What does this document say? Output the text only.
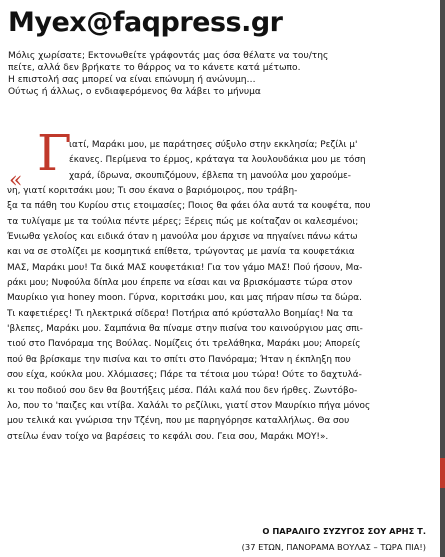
Myex@faqpress.gr
Μόλις χωρίσατε; Εκτονωθείτε γράφοντάς μας όσα θέλατε να του/της
πείτε, αλλά δεν βρήκατε το θάρρος να το κάνετε κατά μέτωπο.
Η επιστολή σας μπορεί να είναι επώνυμη ή ανώνυμη…
Ούτως ή άλλως, ο ενδιαφερόμενος θα λάβει το μήνυμα
« Γ
ιατί, Μαράκι μου, με παράτησες σύξυλο στην εκκλησία; Ρεζίλι μ'
έκανες. Περίμενα το έρμος, κράταγα τα λουλουδάκια μου με τόση
χαρά, ίδρωνα, σκουπιζόμουν, έβλεπα τη μανούλα μου χαρούμε-
νη, γιατί κοριτσάκι μου; Τι σου έκανα ο βαριόμοιρος, που τράβη-
ξα τα πάθη του Κυρίου στις ετοιμασίες; Ποιος θα φάει όλα αυτά τα κουφέτα, που
τα τυλίγαμε με τα τούλια πέντε μέρες; Ξέρεις πώς με κοίταζαν οι καλεσμένοι;
Ένιωθα γελοίος και ειδικά όταν η μανούλα μου άρχισε να πηγαίνει πάνω κάτω
και να σε στολίζει με κοσμητικά επίθετα, τρώγοντας με μανία τα κουφετάκια
ΜΑΣ, Μαράκι μου! Τα δικά ΜΑΣ κουφετάκια! Για τον γάμο ΜΑΣ! Πού ήσουν, Μα-
ράκι μου; Νυφούλα δίπλα μου έπρεπε να είσαι και να βρισκόμαστε τώρα στον
Μαυρίκιο για honey moon. Γύρνα, κοριτσάκι μου, και μας πήραν πίσω τα δώρα.
Τι καφετιέρες! Τι ηλεκτρικά σίδερα! Ποτήρια από κρύσταλλο Βοημίας! Να τα
'βλεπες, Μαράκι μου. Σαμπάνια θα πίναμε στην πισίνα του καινούργιου μας σπι-
τιού στο Πανόραμα της Βούλας. Νομίζεις ότι τρελάθηκα, Μαράκι μου; Απορείς
πού θα βρίσκαμε την πισίνα και το σπίτι στο Πανόραμα; Ήταν η έκπληξη που
σου είχα, κούκλα μου. Χλόμιασες; Πάρε τα τέτοια μου τώρα! Ούτε το δαχτυλά-
κι του ποδιού σου δεν θα βουτήξεις μέσα. Πάλι καλά που δεν ήρθες. Ζωντόβο-
λο, που το 'παιζες και ντίβα. Χαλάλι το ρεζίλικι, γιατί στον Μαυρίκιο πήγα μόνος
μου τελικά και γνώρισα την Τζένη, που με παρηγόρησε καταλλήλως. Θα σου
στείλω έναν τοίχο να βαρέσεις το κεφάλι σου. Γεια σου, Μαράκι ΜΟΥ!».
Ο ΠΑΡΑΛΙΓΟ ΣΥΖΥΓΟΣ ΣΟΥ ΑΡΗΣ Τ.
(37 ΕΤΩΝ, ΠΑΝΟΡΑΜΑ ΒΟΥΛΑΣ – ΤΩΡΑ ΠΙΑ!)
